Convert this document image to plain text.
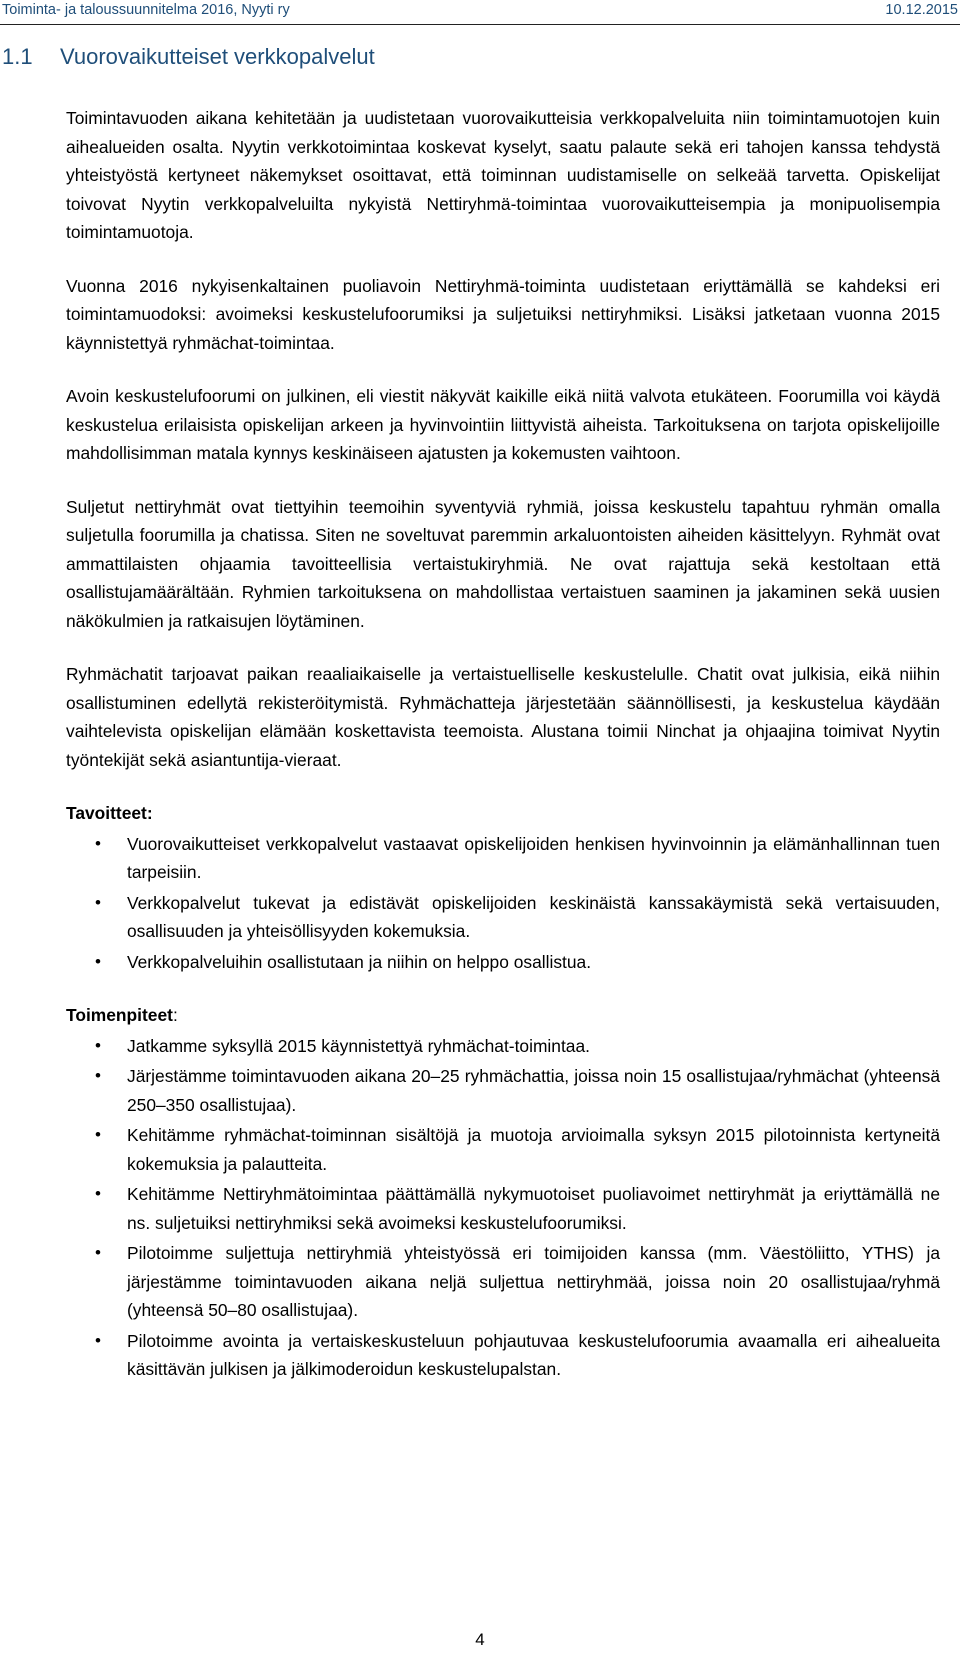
Toiminta- ja taloussuunnitelma 2016, Nyyti ry	10.12.2015
1.1 Vuorovaikutteiset verkkopalvelut

Toimintavuoden aikana kehitetään ja uudistetaan vuorovaikutteisia verkkopalveluita niin toimintamuotojen kuin aihealueiden osalta. Nyytin verkkotoimintaa koskevat kyselyt, saatu palaute sekä eri tahojen kanssa tehdystä yhteistyöstä kertyneet näkemykset osoittavat, että toiminnan uudistamiselle on selkeää tarvetta. Opiskelijat toivovat Nyytin verkkopalveluilta nykyistä Nettiryhmä-toimintaa vuorovaikutteisempia ja monipuolisempia toimintamuotoja.

Vuonna 2016 nykyisenkaltainen puoliavoin Nettiryhmä-toiminta uudistetaan eriyttämällä se kahdeksi eri toimintamuodoksi: avoimeksi keskustelufoorumiksi ja suljetuiksi nettiryhmiksi. Lisäksi jatketaan vuonna 2015 käynnistettyä ryhmächat-toimintaa.

Avoin keskustelufoorumi on julkinen, eli viestit näkyvät kaikille eikä niitä valvota etukäteen. Foorumilla voi käydä keskustelua erilaisista opiskelijan arkeen ja hyvinvointiin liittyvistä aiheista. Tarkoituksena on tarjota opiskelijoille mahdollisimman matala kynnys keskinäiseen ajatusten ja kokemusten vaihtoon.

Suljetut nettiryhmät ovat tiettyihin teemoihin syventyviä ryhmiä, joissa keskustelu tapahtuu ryhmän omalla suljetulla foorumilla ja chatissa. Siten ne soveltuvat paremmin arkaluontoisten aiheiden käsittelyyn. Ryhmät ovat ammattilaisten ohjaamia tavoitteellisia vertaistukiryhmiä. Ne ovat rajattuja sekä kestoltaan että osallistujamäärältään. Ryhmien tarkoituksena on mahdollistaa vertaistuen saaminen ja jakaminen sekä uusien näkökulmien ja ratkaisujen löytäminen.

Ryhmächatit tarjoavat paikan reaaliaikaiselle ja vertaistuelliselle keskustelulle. Chatit ovat julkisia, eikä niihin osallistuminen edellytä rekisteröitymistä. Ryhmächatteja järjestetään säännöllisesti, ja keskustelua käydään vaihtelevista opiskelijan elämään koskettavista teemoista. Alustana toimii Ninchat ja ohjaajina toimivat Nyytin työntekijät sekä asiantuntija-vieraat.

Tavoitteet:

• Vuorovaikutteiset verkkopalvelut vastaavat opiskelijoiden henkisen hyvinvoinnin ja elämänhallinnan tuen tarpeisiin.
• Verkkopalvelut tukevat ja edistävät opiskelijoiden keskinäistä kanssakäymistä sekä vertaisuuden, osallisuuden ja yhteisöllisyyden kokemuksia.
• Verkkopalveluihin osallistutaan ja niihin on helppo osallistua.

Toimenpiteet:

• Jatkamme syksyllä 2015 käynnistettyä ryhmächat-toimintaa.
• Järjestämme toimintavuoden aikana 20–25 ryhmächattia, joissa noin 15 osallistujaa/ryhmächat (yhteensä 250–350 osallistujaa).
• Kehitämme ryhmächat-toiminnan sisältöjä ja muotoja arvioimalla syksyn 2015 pilotoinnista kertyneitä kokemuksia ja palautteita.
• Kehitämme Nettiryhmätoimintaa päättämällä nykymuotoiset puoliavoimet nettiryhmät ja eriyttämällä ne ns. suljetuiksi nettiryhmiksi sekä avoimeksi keskustelufoorumiksi.
• Pilotoimme suljettuja nettiryhmiä yhteistyössä eri toimijoiden kanssa (mm. Väestöliitto, YTHS) ja järjestämme toimintavuoden aikana neljä suljettua nettiryhmää, joissa noin 20 osallistujaa/ryhmä (yhteensä 50–80 osallistujaa).
• Pilotoimme avointa ja vertaiskeskusteluun pohjautuvaa keskustelufoorumia avaamalla eri aihealueita käsittävän julkisen ja jälkimoderoidun keskustelupalstan.
4
